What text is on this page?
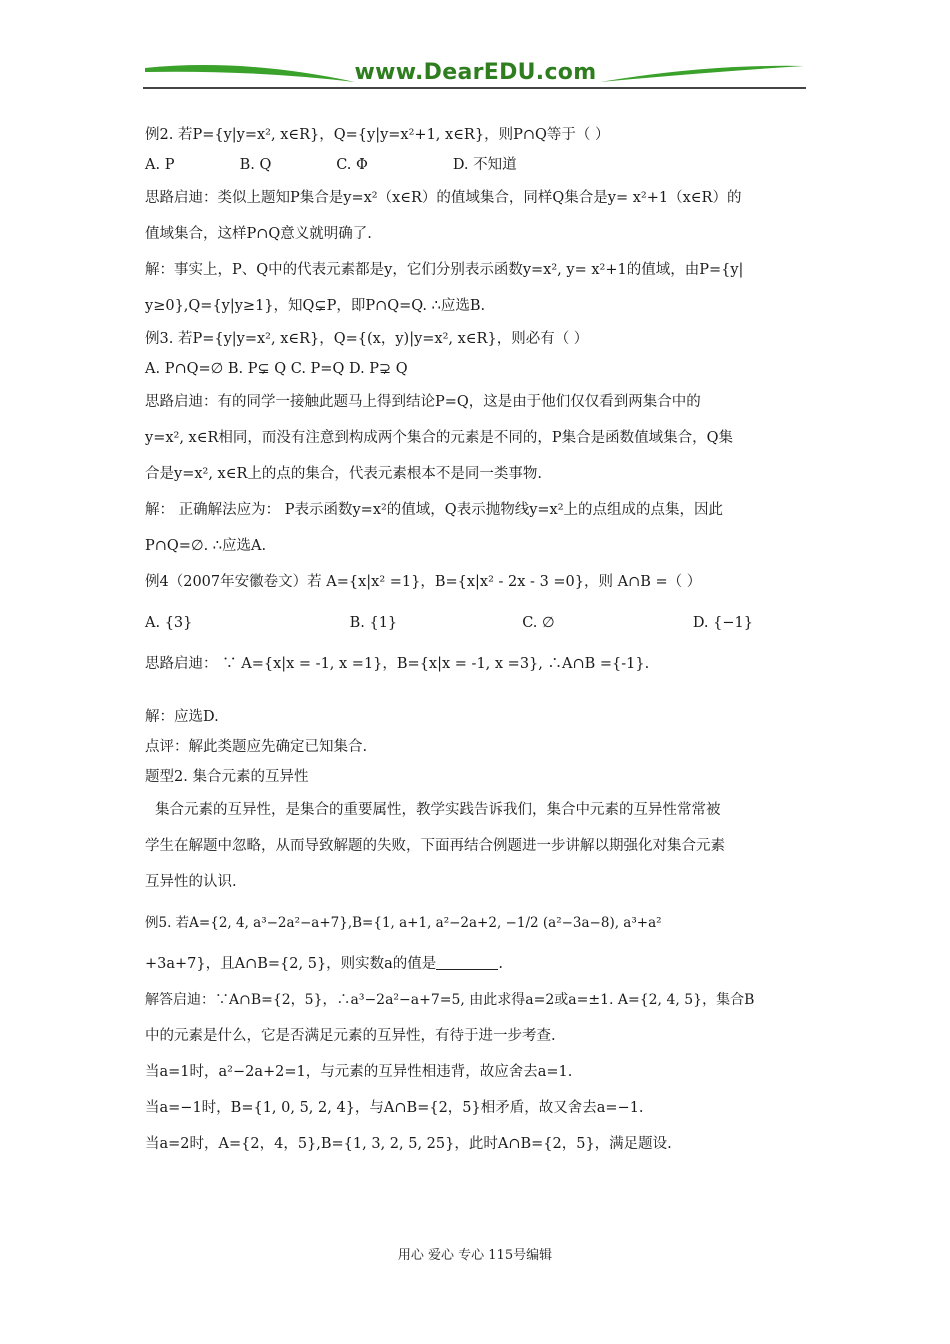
www.DearEDU.com

例2. 若P={y|y=x², x∈R}，Q={y|y=x²+1, x∈R}，则P∩Q等于（ ）

A. P	B. Q	C. Φ	D. 不知道

思路启迪：类似上题知P集合是y=x²（x∈R）的值域集合，同样Q集合是y= x²+1（x∈R）的

值域集合，这样P∩Q意义就明确了.

解：事实上，P、Q中的代表元素都是y，它们分别表示函数y=x², y= x²+1的值域，由P={y|

y≥0},Q={y|y≥1}，知Q⊊P，即P∩Q=Q. ∴应选B.

例3. 若P={y|y=x², x∈R}，Q={(x，y)|y=x², x∈R}，则必有（ ）

A. P∩Q=∅ B. P⊊ Q C. P=Q D. P⊋ Q

思路启迪：有的同学一接触此题马上得到结论P=Q，这是由于他们仅仅看到两集合中的

y=x², x∈R相同，而没有注意到构成两个集合的元素是不同的，P集合是函数值域集合，Q集

合是y=x², x∈R上的点的集合，代表元素根本不是同一类事物.

解： 正确解法应为： P表示函数y=x²的值域，Q表示抛物线y=x²上的点组成的点集，因此

P∩Q=∅. ∴应选A.

例4（2007年安徽卷文）若 A={x|x² =1}，B={x|x² - 2x - 3 =0}，则 A∩B =（ ）

A. {3}	B. {1}	C. ∅	D. {−1}

思路启迪： ∵ A={x|x = -1, x =1}，B={x|x = -1, x =3}, ∴A∩B ={-1}.

解：应选D.

点评：解此类题应先确定已知集合.

题型2. 集合元素的互异性

集合元素的互异性，是集合的重要属性，教学实践告诉我们，集合中元素的互异性常常被

学生在解题中忽略，从而导致解题的失败，下面再结合例题进一步讲解以期强化对集合元素

互异性的认识.

例5. 若A={2, 4, a³−2a²−a+7},B={1, a+1, a²−2a+2, −1/2 (a²−3a−8), a³+a²

+3a+7}，且A∩B={2, 5}，则实数a的值是	.

解答启迪：∵A∩B={2，5}，∴a³−2a²−a+7=5, 由此求得a=2或a=±1. A={2, 4, 5}，集合B

中的元素是什么，它是否满足元素的互异性，有待于进一步考查.

当a=1时，a²−2a+2=1，与元素的互异性相违背，故应舍去a=1.

当a=−1时，B={1, 0, 5, 2, 4}，与A∩B={2，5}相矛盾，故又舍去a=−1.

当a=2时，A={2，4，5},B={1, 3, 2, 5, 25}，此时A∩B={2，5}，满足题设.

用心 爱心 专心 115号编辑
